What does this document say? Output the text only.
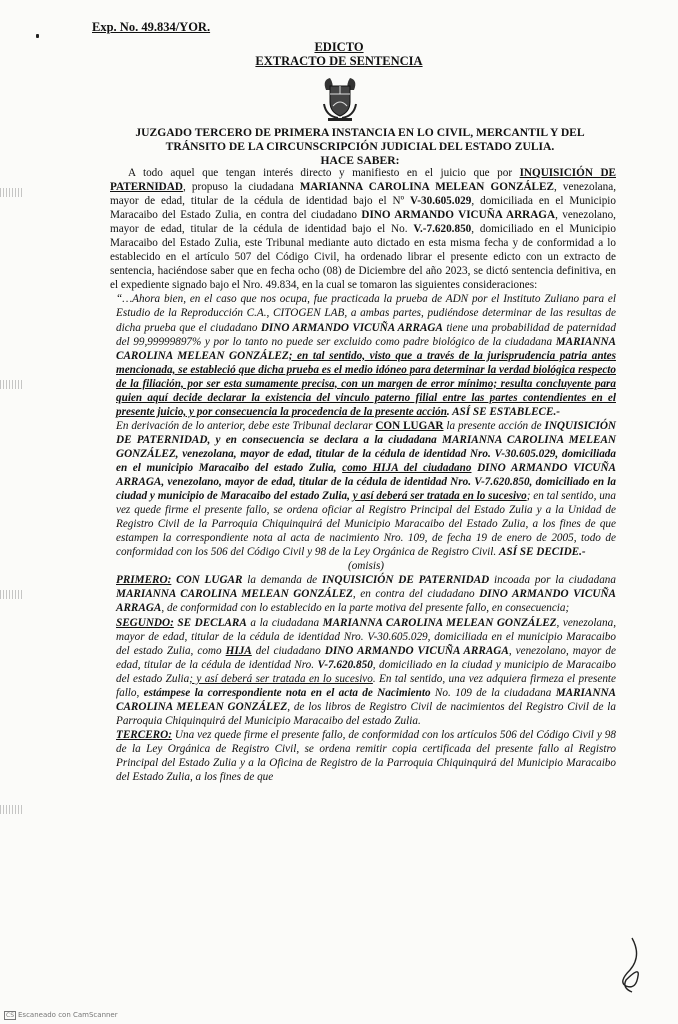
Exp. No. 49.834/YOR.
EDICTO
EXTRACTO DE SENTENCIA
JUZGADO TERCERO DE PRIMERA INSTANCIA EN LO CIVIL, MERCANTIL Y DEL
TRÁNSITO DE LA CIRCUNSCRIPCIÓN JUDICIAL DEL ESTADO ZULIA.
HACE SABER:

A todo aquel que tengan interés directo y manifiesto en el juicio que por INQUISICIÓN DE PATERNIDAD, propuso la ciudadana MARIANNA CAROLINA MELEAN GONZÁLEZ, venezolana, mayor de edad, titular de la cédula de identidad bajo el Nº V-30.605.029, domiciliada en el Municipio Maracaibo del Estado Zulia, en contra del ciudadano DINO ARMANDO VICUÑA ARRAGA, venezolano, mayor de edad, titular de la cédula de identidad bajo el No. V.-7.620.850, domiciliado en el Municipio Maracaibo del Estado Zulia, este Tribunal mediante auto dictado en esta misma fecha y de conformidad a lo establecido en el artículo 507 del Código Civil, ha ordenado librar el presente edicto con un extracto de sentencia, haciéndose saber que en fecha ocho (08) de Diciembre del año 2023, se dictó sentencia definitiva, en el expediente signado bajo el Nro. 49.834, en la cual se tomaron las siguientes consideraciones:

“…Ahora bien, en el caso que nos ocupa, fue practicada la prueba de ADN por el Instituto Zuliano para el Estudio de la Reproducción C.A., CITOGEN LAB, a ambas partes, pudiéndose determinar de las resultas de dicha prueba que el ciudadano DINO ARMANDO VICUÑA ARRAGA tiene una probabilidad de paternidad del 99,99999897% y por lo tanto no puede ser excluido como padre biológico de la ciudadana MARIANNA CAROLINA MELEAN GONZÁLEZ; en tal sentido, visto que a través de la jurisprudencia patria antes mencionada, se estableció que dicha prueba es el medio idóneo para determinar la verdad biológica respecto de la filiación, por ser esta sumamente precisa, con un margen de error mínimo; resulta concluyente para quien aquí decide declarar la existencia del vinculo paterno filial entre las partes contendientes en el presente juicio, y por consecuencia la procedencia de la presente acción. ASÍ SE ESTABLECE.-

En derivación de lo anterior, debe este Tribunal declarar CON LUGAR la presente acción de INQUISICIÓN DE PATERNIDAD, y en consecuencia se declara a la ciudadana MARIANNA CAROLINA MELEAN GONZÁLEZ, venezolana, mayor de edad, titular de la cédula de identidad Nro. V-30.605.029, domiciliada en el municipio Maracaibo del estado Zulia, como HIJA del ciudadano DINO ARMANDO VICUÑA ARRAGA, venezolano, mayor de edad, titular de la cédula de identidad Nro. V-7.620.850, domiciliado en la ciudad y municipio de Maracaibo del estado Zulia, y así deberá ser tratada en lo sucesivo; en tal sentido, una vez quede firme el presente fallo, se ordena oficiar al Registro Principal del Estado Zulia y a la Unidad de Registro Civil de la Parroquia Chiquinquirá del Municipio Maracaibo del Estado Zulia, a los fines de que estampen la correspondiente nota al acta de nacimiento Nro. 109, de fecha 19 de enero de 2005, todo de conformidad con los 506 del Código Civil y 98 de la Ley Orgánica de Registro Civil. ASÍ SE DECIDE.-

(omisis)

PRIMERO: CON LUGAR la demanda de INQUISICIÓN DE PATERNIDAD incoada por la ciudadana MARIANNA CAROLINA MELEAN GONZÁLEZ, en contra del ciudadano DINO ARMANDO VICUÑA ARRAGA, de conformidad con lo establecido en la parte motiva del presente fallo, en consecuencia;

SEGUNDO: SE DECLARA a la ciudadana MARIANNA CAROLINA MELEAN GONZÁLEZ, venezolana, mayor de edad, titular de la cédula de identidad Nro. V-30.605.029, domiciliada en el municipio Maracaibo del estado Zulia, como HIJA del ciudadano DINO ARMANDO VICUÑA ARRAGA, venezolano, mayor de edad, titular de la cédula de identidad Nro. V-7.620.850, domiciliado en la ciudad y municipio de Maracaibo del estado Zulia; y así deberá ser tratada en lo sucesivo. En tal sentido, una vez adquiera firmeza el presente fallo, estámpese la correspondiente nota en el acta de Nacimiento No. 109 de la ciudadana MARIANNA CAROLINA MELEAN GONZÁLEZ, de los libros de Registro Civil de nacimientos del Registro Civil de la Parroquia Chiquinquirá del Municipio Maracaibo del estado Zulia.

TERCERO: Una vez quede firme el presente fallo, de conformidad con los artículos 506 del Código Civil y 98 de la Ley Orgánica de Registro Civil, se ordena remitir copia certificada del presente fallo al Registro Principal del Estado Zulia y a la Oficina de Registro de la Parroquia Chiquinquirá del Municipio Maracaibo del Estado Zulia, a los fines de que

CS Escaneado con CamScanner
